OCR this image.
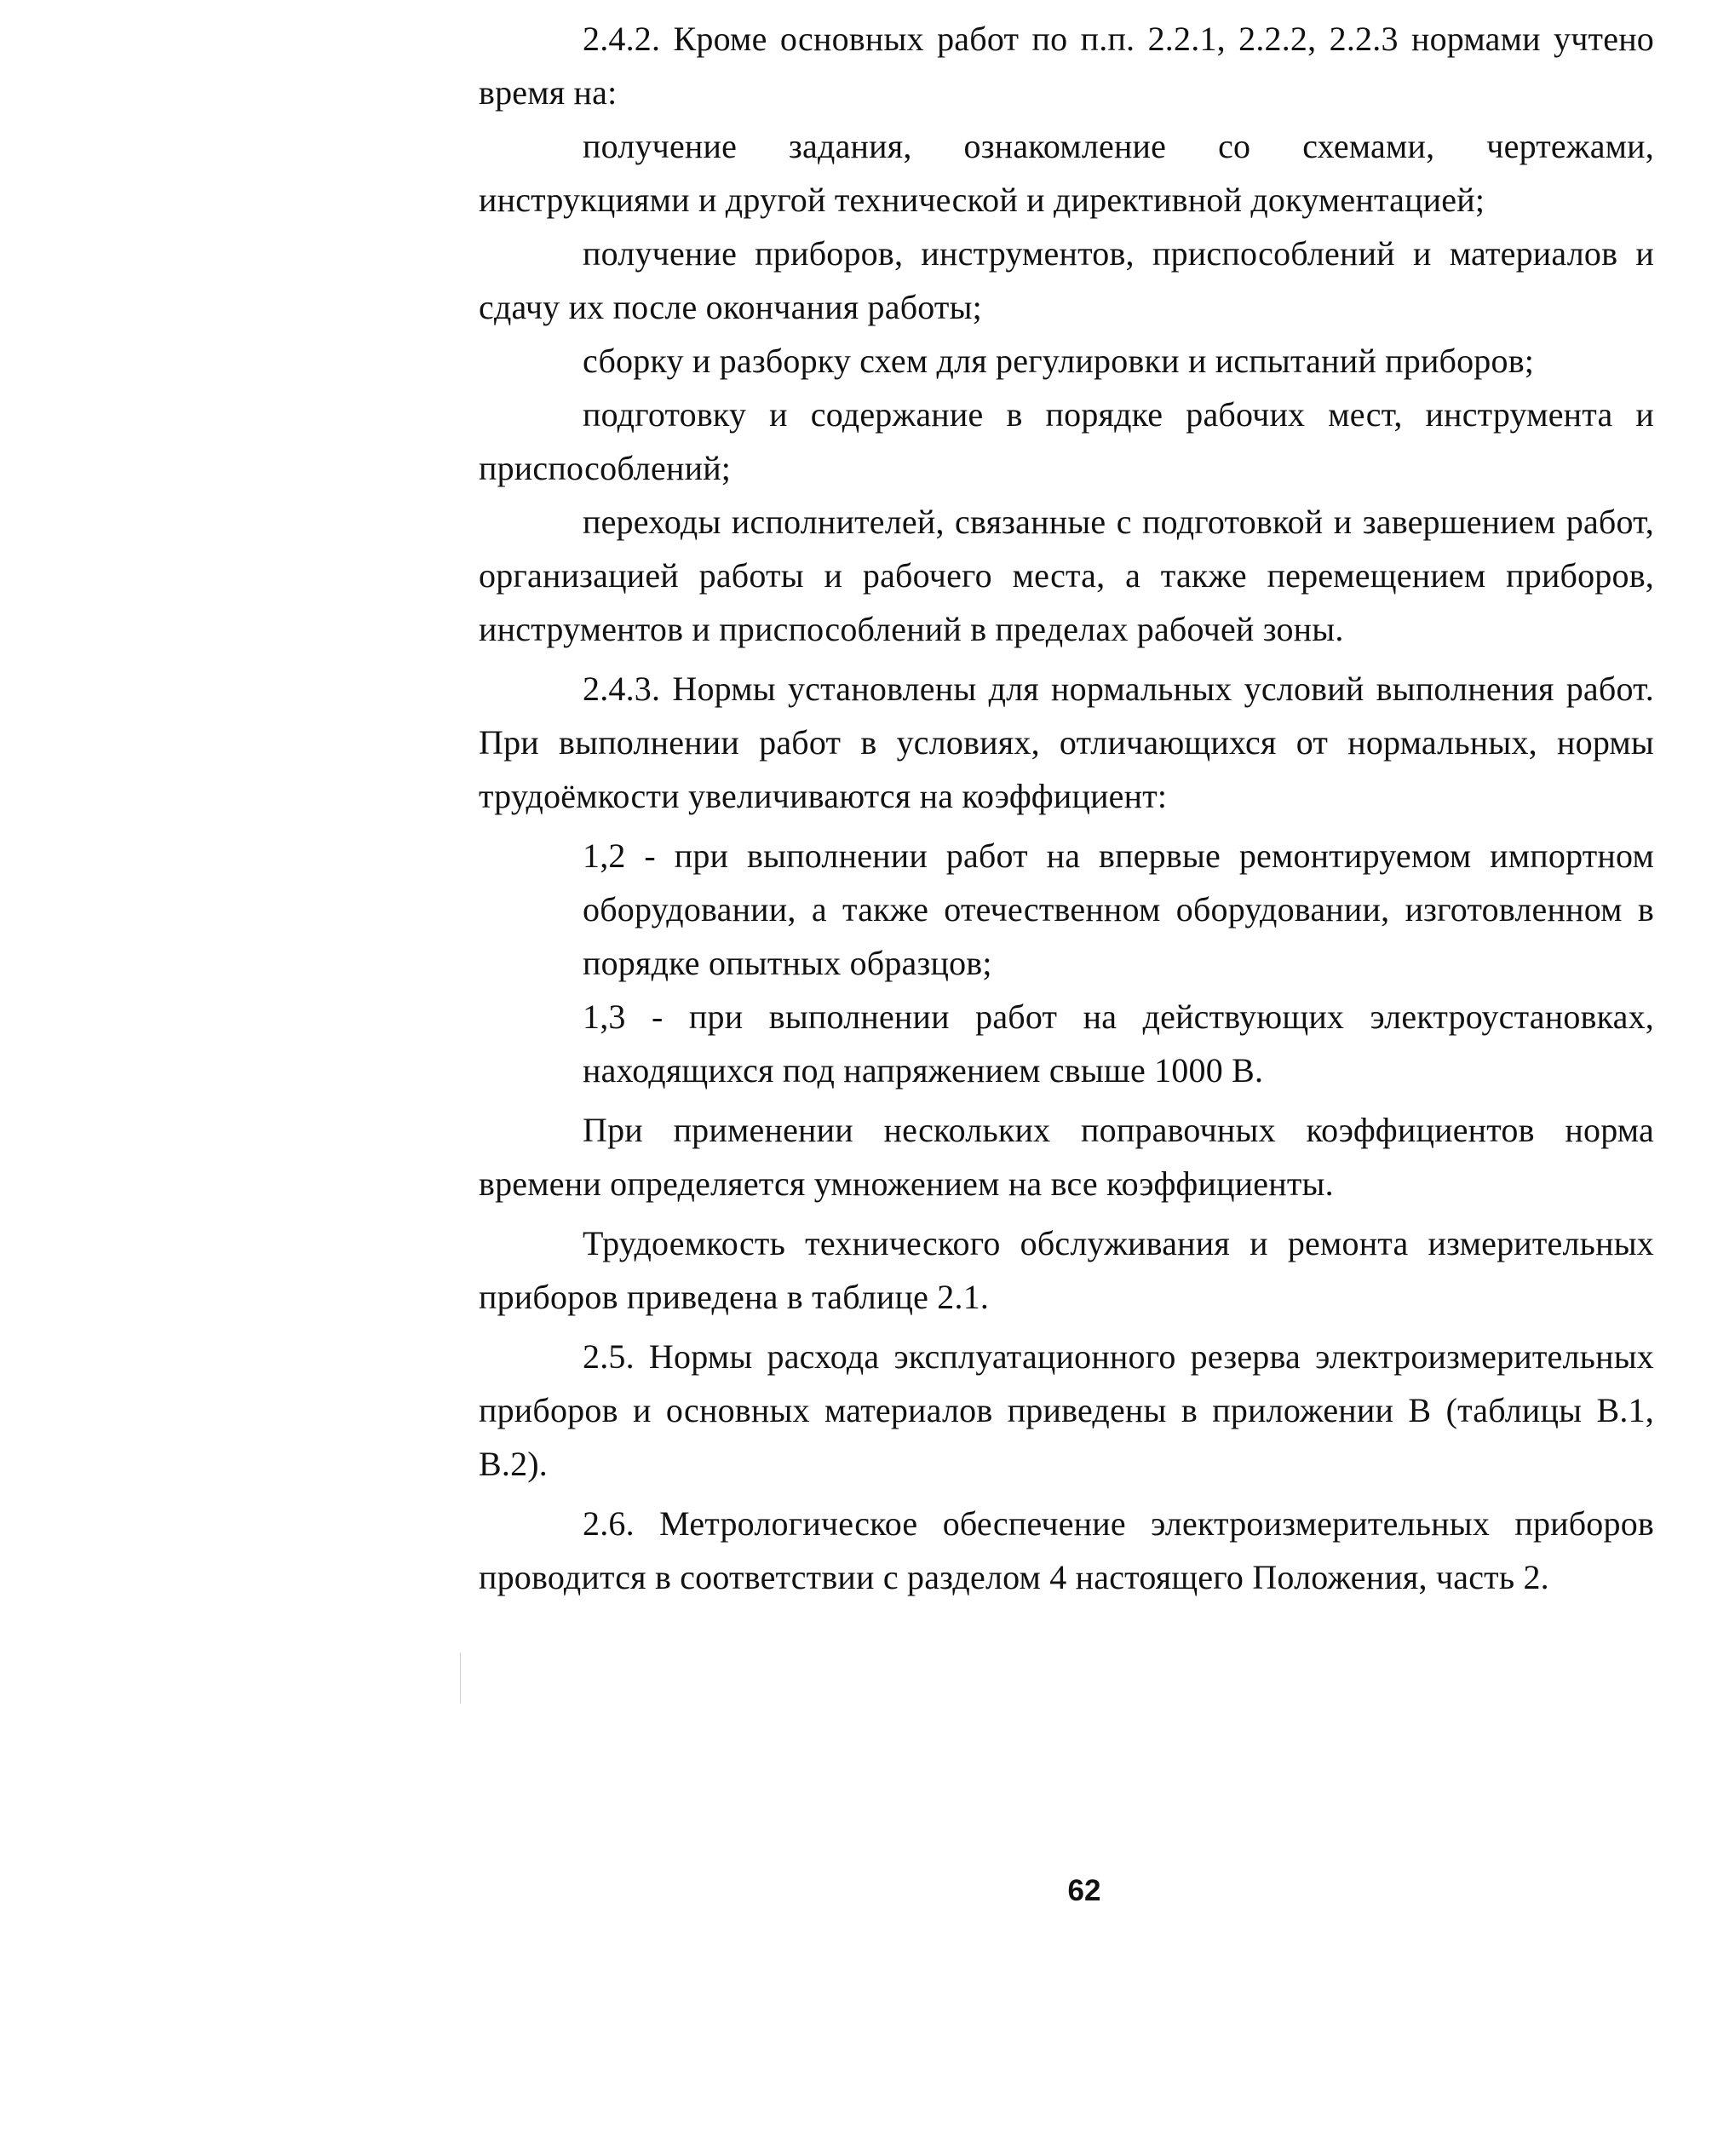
2.4.2. Кроме основных работ по п.п. 2.2.1, 2.2.2, 2.2.3 нормами учтено время на:

получение задания, ознакомление со схемами, чертежами, инструкциями и другой технической и директивной документацией;

получение приборов, инструментов, приспособлений и материалов и сдачу их после окончания работы;

сборку и разборку схем для регулировки и испытаний приборов;

подготовку и содержание в порядке рабочих мест, инструмента и приспособлений;

переходы исполнителей, связанные с подготовкой и завершением работ, организацией работы и рабочего места, а также перемещением приборов, инструментов и приспособлений в пределах рабочей зоны.

2.4.3. Нормы установлены для нормальных условий выполнения работ. При выполнении работ в условиях, отличающихся от нормальных, нормы трудоёмкости увеличиваются на коэффициент:

1,2 - при выполнении работ на впервые ремонтируемом импортном оборудовании, а также отечественном оборудовании, изготовленном в порядке опытных образцов;

1,3 - при выполнении работ на действующих электроустановках, находящихся под напряжением свыше 1000 В.

При применении нескольких поправочных коэффициентов норма времени определяется умножением на все коэффициенты.

Трудоемкость технического обслуживания и ремонта измерительных приборов приведена в таблице 2.1.

2.5. Нормы расхода эксплуатационного резерва электроизмерительных приборов и основных материалов приведены в приложении В (таблицы В.1, В.2).

2.6. Метрологическое обеспечение электроизмерительных приборов проводится в соответствии с разделом 4 настоящего Положения, часть 2.

62
